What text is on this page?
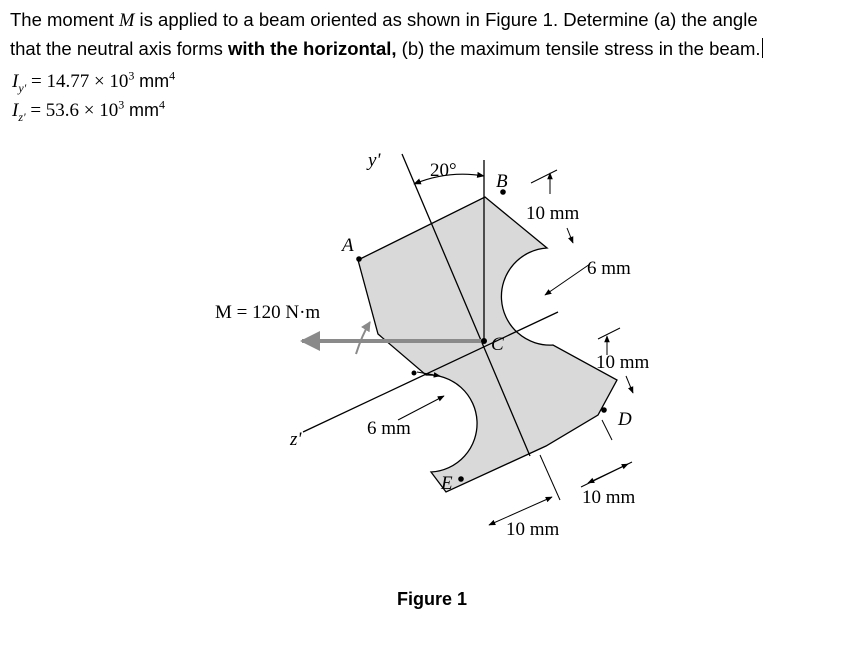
The moment M is applied to a beam oriented as shown in Figure 1. Determine (a) the angle
that the neutral axis forms with the horizontal, (b) the maximum tensile stress in the beam.
$I_{y'} = 14.77 \times 10^3$ $mm^4$
$I_{z'} = 53.6 \times 10^3$ $mm^4$
y'	20°
B
10 mm
A
6 mm
M = 120 N·m
C
10 mm
D
6 mm
z'
E
10 mm
10 mm
Figure 1
